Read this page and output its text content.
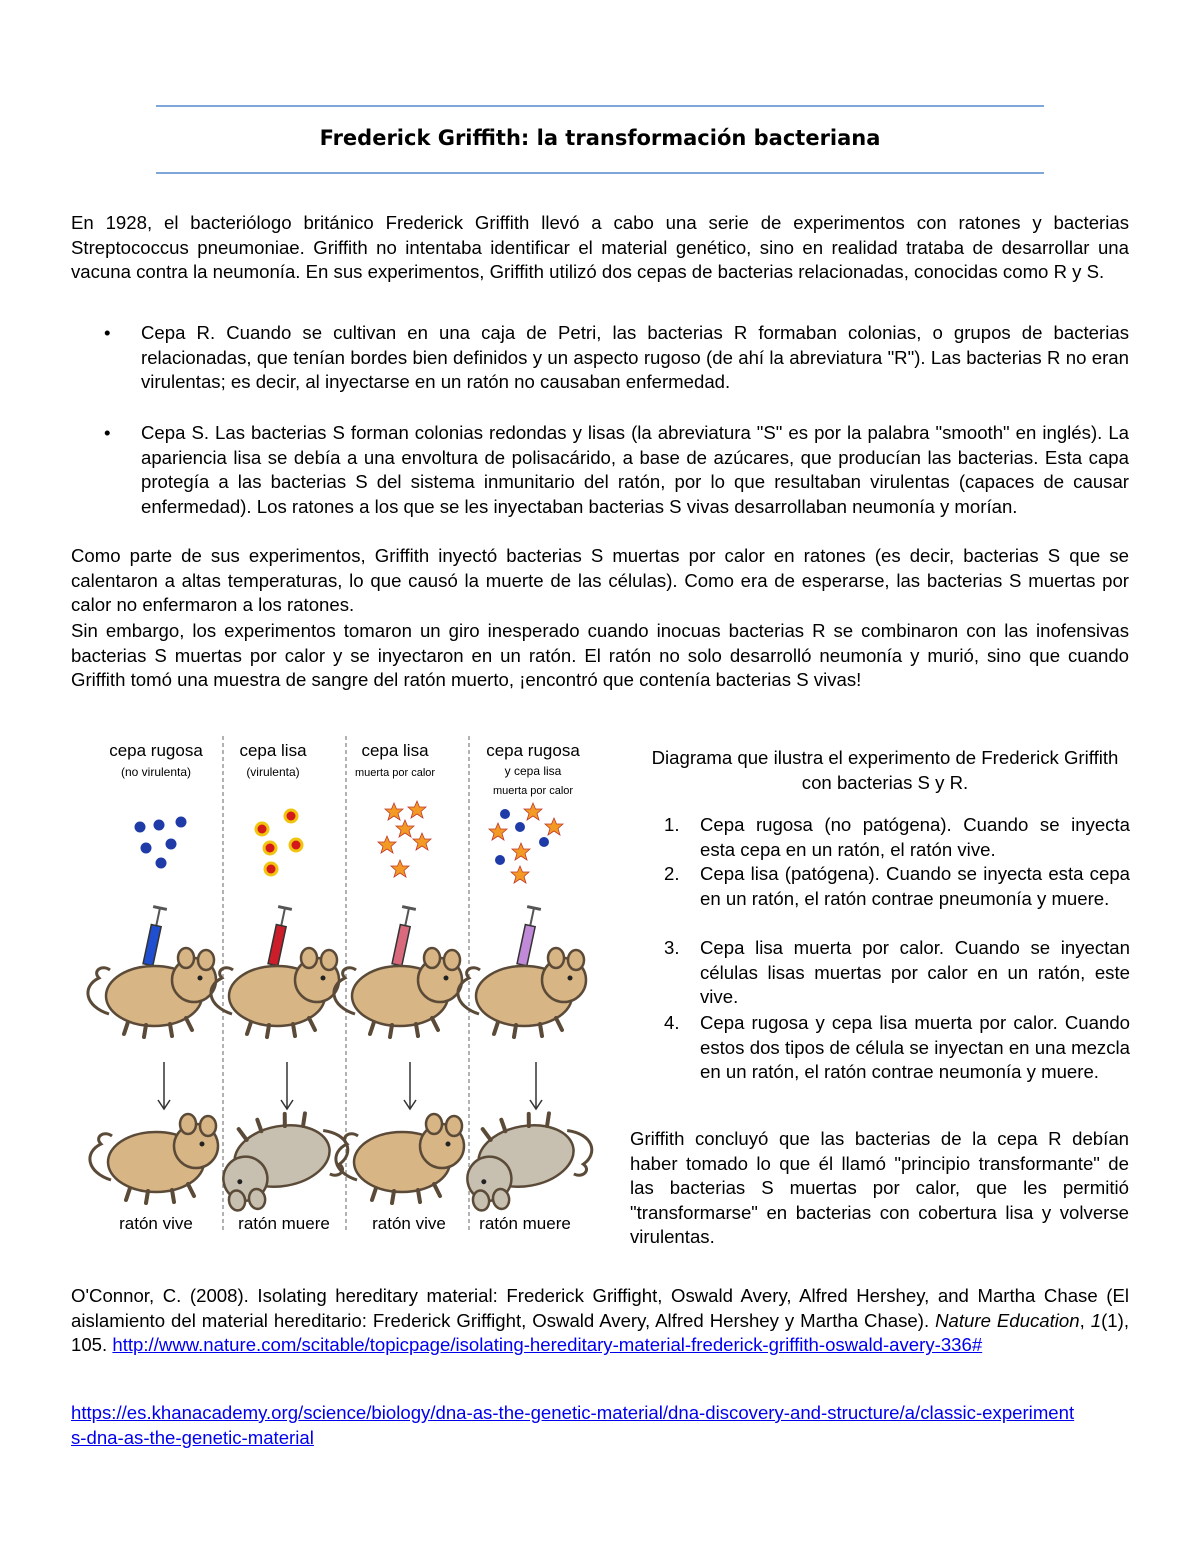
Frederick Griffith: la transformación bacteriana

En 1928, el bacteriólogo británico Frederick Griffith llevó a cabo una serie de experimentos con ratones y bacterias Streptococcus pneumoniae. Griffith no intentaba identificar el material genético, sino en realidad trataba de desarrollar una vacuna contra la neumonía. En sus experimentos, Griffith utilizó dos cepas de bacterias relacionadas, conocidas como R y S.

• Cepa R. Cuando se cultivan en una caja de Petri, las bacterias R formaban colonias, o grupos de bacterias relacionadas, que tenían bordes bien definidos y un aspecto rugoso (de ahí la abreviatura "R"). Las bacterias R no eran virulentas; es decir, al inyectarse en un ratón no causaban enfermedad.

• Cepa S. Las bacterias S forman colonias redondas y lisas (la abreviatura "S" es por la palabra "smooth" en inglés). La apariencia lisa se debía a una envoltura de polisacárido, a base de azúcares, que producían las bacterias. Esta capa protegía a las bacterias S del sistema inmunitario del ratón, por lo que resultaban virulentas (capaces de causar enfermedad). Los ratones a los que se les inyectaban bacterias S vivas desarrollaban neumonía y morían.

Como parte de sus experimentos, Griffith inyectó bacterias S muertas por calor en ratones (es decir, bacterias S que se calentaron a altas temperaturas, lo que causó la muerte de las células). Como era de esperarse, las bacterias S muertas por calor no enfermaron a los ratones.

Sin embargo, los experimentos tomaron un giro inesperado cuando inocuas bacterias R se combinaron con las inofensivas bacterias S muertas por calor y se inyectaron en un ratón. El ratón no solo desarrolló neumonía y murió, sino que cuando Griffith tomó una muestra de sangre del ratón muerto, ¡encontró que contenía bacterias S vivas!

cepa rugosa
(no virulenta)
cepa lisa
(virulenta)
cepa lisa
muerta por calor
cepa rugosa
y cepa lisa
muerta por calor
ratón vive	ratón muere ratón vive ratón muere
Diagrama que ilustra el experimento de Frederick Griffith con bacterias S y R.
1. Cepa rugosa (no patógena). Cuando se inyecta esta cepa en un ratón, el ratón vive.

2. Cepa lisa (patógena). Cuando se inyecta esta cepa en un ratón, el ratón contrae pneumonía y muere.

3. Cepa lisa muerta por calor. Cuando se inyectan células lisas muertas por calor en un ratón, este vive.

4. Cepa rugosa y cepa lisa muerta por calor. Cuando estos dos tipos de célula se inyectan en una mezcla en un ratón, el ratón contrae neumonía y muere.

Griffith concluyó que las bacterias de la cepa R debían haber tomado lo que él llamó "principio transformante" de las bacterias S muertas por calor, que les permitió "transformarse" en bacterias con cobertura lisa y volverse virulentas.

O'Connor, C. (2008). Isolating hereditary material: Frederick Griffight, Oswald Avery, Alfred Hershey, and Martha Chase (El aislamiento del material hereditario: Frederick Griffight, Oswald Avery, Alfred Hershey y Martha Chase). Nature Education, 1(1), 105. http://www.nature.com/scitable/topicpage/isolating-hereditary-material-frederick-griffith-oswald-avery-336#

https://es.khanacademy.org/science/biology/dna-as-the-genetic-material/dna-discovery-and-structure/a/classic-experiments-dna-as-the-genetic-material
